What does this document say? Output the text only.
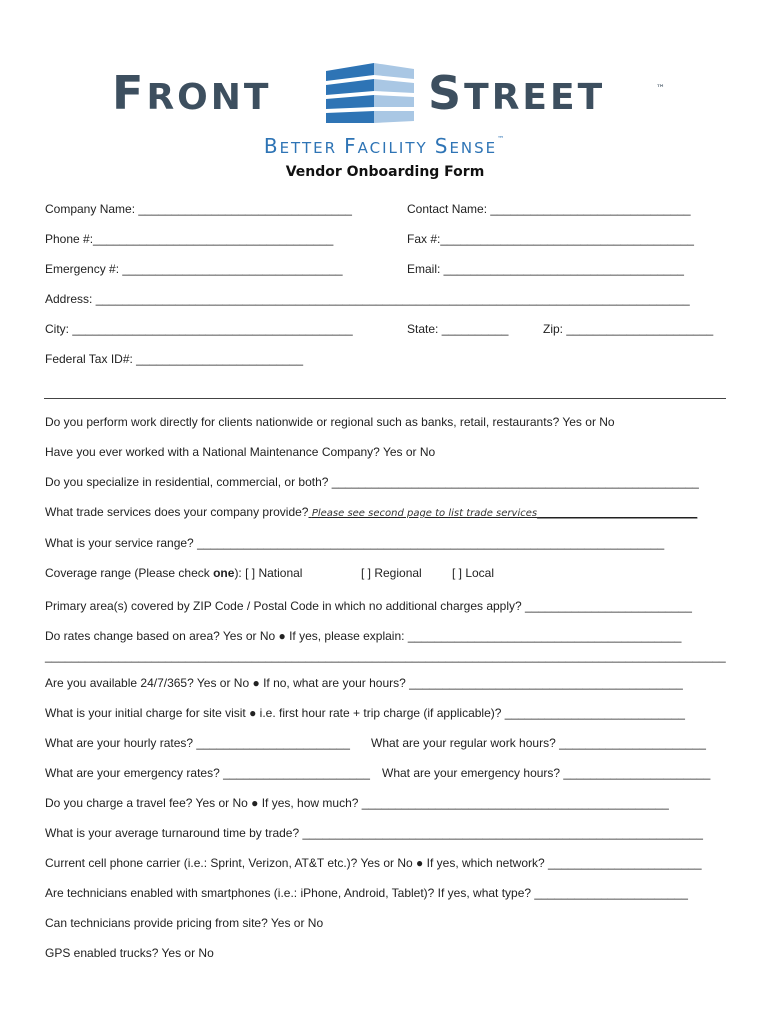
FRONT	STREET	™
BETTER FACILITY SENSE™
Vendor Onboarding Form
Company Name: ________________________________	Contact Name: ______________________________
Phone #:____________________________________	Fax #:______________________________________
Emergency #: _________________________________	Email: ____________________________________
Address: _________________________________________________________________________________________
City: __________________________________________	State: __________	Zip: ______________________
Federal Tax ID#: _________________________
Do you perform work directly for clients nationwide or regional such as banks, retail, restaurants? Yes or No
Have you ever worked with a National Maintenance Company? Yes or No
Do you specialize in residential, commercial, or both? _______________________________________________________
What trade services does your company provide? Please see second page to list trade services________________________
What is your service range? ______________________________________________________________________
Coverage range (Please check one): [ ] National	[ ] Regional	[ ] Local
Primary area(s) covered by ZIP Code / Postal Code in which no additional charges apply? _________________________
Do rates change based on area? Yes or No ● If yes, please explain: _________________________________________
______________________________________________________________________________________________________
Are you available 24/7/365? Yes or No ● If no, what are your hours? _________________________________________
What is your initial charge for site visit ● i.e. first hour rate + trip charge (if applicable)? ___________________________
What are your hourly rates? _______________________ What are your regular work hours? ______________________
What are your emergency rates? ______________________ What are your emergency hours? ______________________
Do you charge a travel fee? Yes or No ● If yes, how much? ______________________________________________
What is your average turnaround time by trade? ____________________________________________________________
Current cell phone carrier (i.e.: Sprint, Verizon, AT&T etc.)? Yes or No ● If yes, which network? _______________________
Are technicians enabled with smartphones (i.e.: iPhone, Android, Tablet)? If yes, what type? _______________________
Can technicians provide pricing from site? Yes or No
GPS enabled trucks? Yes or No
